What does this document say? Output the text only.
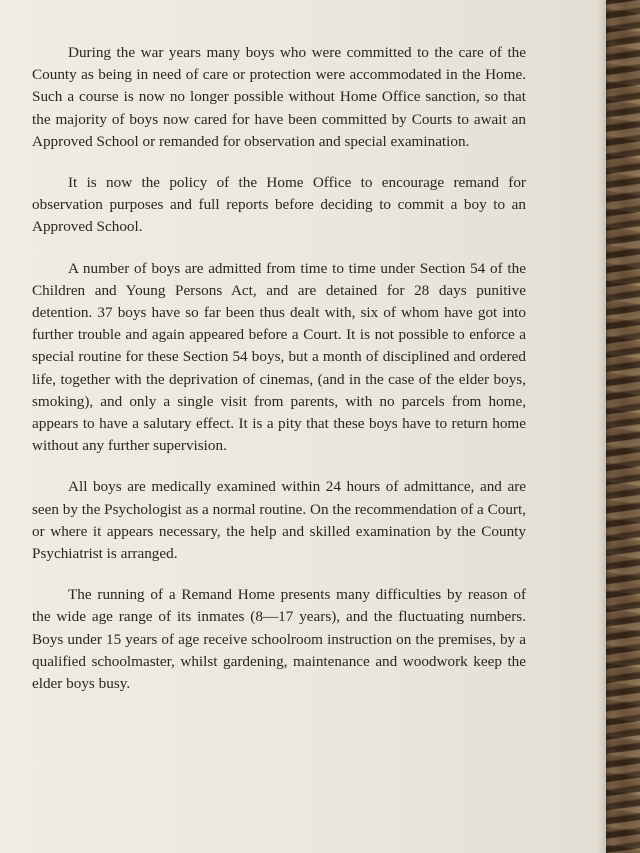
During the war years many boys who were committed to the care of the County as being in need of care or protection were accommodated in the Home. Such a course is now no longer possible without Home Office sanction, so that the majority of boys now cared for have been committed by Courts to await an Approved School or remanded for observation and special examination.

It is now the policy of the Home Office to encourage remand for observation purposes and full reports before deciding to commit a boy to an Approved School.

A number of boys are admitted from time to time under Section 54 of the Children and Young Persons Act, and are detained for 28 days punitive detention. 37 boys have so far been thus dealt with, six of whom have got into further trouble and again appeared before a Court. It is not possible to enforce a special routine for these Section 54 boys, but a month of disciplined and ordered life, together with the deprivation of cinemas, (and in the case of the elder boys, smoking), and only a single visit from parents, with no parcels from home, appears to have a salutary effect. It is a pity that these boys have to return home without any further supervision.

All boys are medically examined within 24 hours of admittance, and are seen by the Psychologist as a normal routine. On the recommendation of a Court, or where it appears necessary, the help and skilled examination by the County Psychiatrist is arranged.

The running of a Remand Home presents many difficulties by reason of the wide age range of its inmates (8—17 years), and the fluctuating numbers. Boys under 15 years of age receive schoolroom instruction on the premises, by a qualified schoolmaster, whilst gardening, maintenance and woodwork keep the elder boys busy.
